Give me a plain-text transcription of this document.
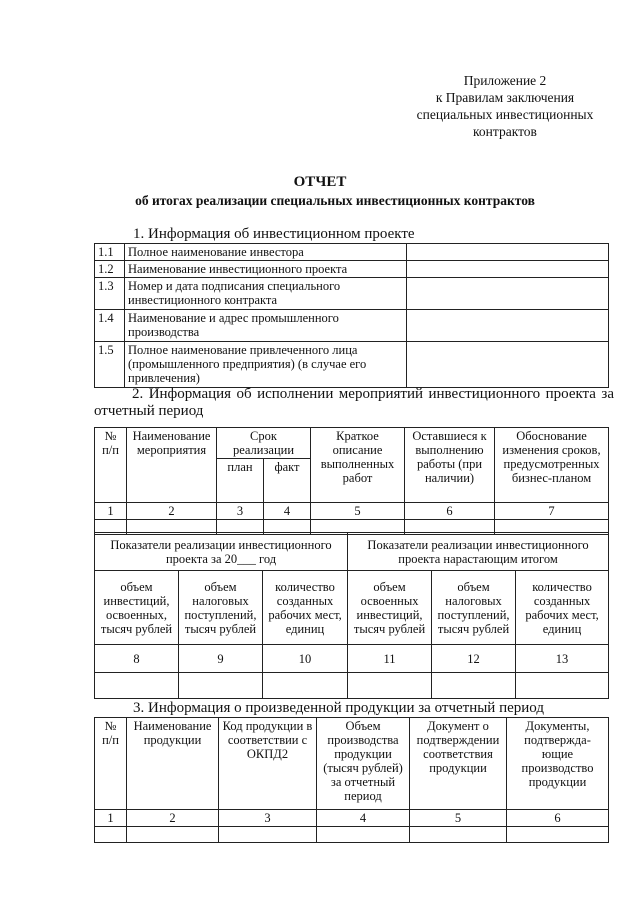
Приложение 2
к Правилам заключения
специальных инвестиционных
контрактов
ОТЧЕТ
об итогах реализации специальных инвестиционных контрактов
1. Информация об инвестиционном проекте
1.1	Полное наименование инвестора	
1.2	Наименование инвестиционного проекта	
1.3	Номер и дата подписания специального инвестиционного контракта	
1.4	Наименование и адрес промышленного производства	
1.5	Полное наименование привлеченного лица (промышленного предприятия) (в случае его привлечения)	
2. Информация об исполнении мероприятий инвестиционного проекта за отчетный период
№ п/п	Наименование мероприятия	Срок реализации		Краткое описание выполненных работ	Оставшиеся к выполнению работы (при наличии)	Обоснование изменения сроков, предусмотренных бизнес-планом
		план	факт			
1	2	3	4	5	6	7

Показатели реализации инвестиционного проекта за 20___ год			Показатели реализации инвестиционного проекта нарастающим итогом		
объем инвестиций, освоенных, тысяч рублей	объем налоговых поступлений, тысяч рублей	количество созданных рабочих мест, единиц	объем освоенных инвестиций, тысяч рублей	объем налоговых поступлений, тысяч рублей	количество созданных рабочих мест, единиц
8	9	10	11	12	13

3. Информация о произведенной продукции за отчетный период
№ п/п	Наименование продукции	Код продукции в соответствии с ОКПД2	Объем производства продукции (тысяч рублей) за отчетный период	Документ о подтверждении соответствия продукции	Документы, подтвержда-ющие производство продукции
1	2	3	4	5	6
